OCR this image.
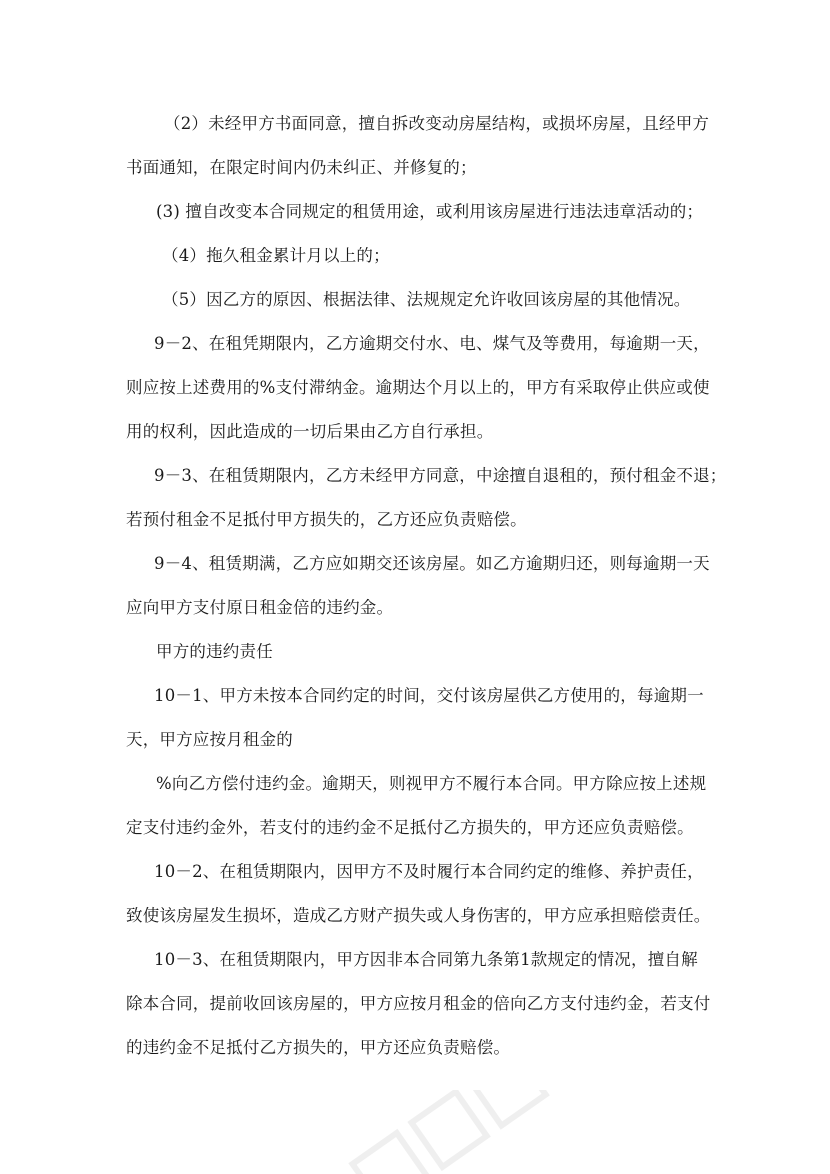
（2）未经甲方书面同意，擅自拆改变动房屋结构，或损坏房屋，且经甲方
书面通知，在限定时间内仍未纠正、并修复的；
(3) 擅自改变本合同规定的租赁用途，或利用该房屋进行违法违章活动的；
（4）拖久租金累计月以上的；
（5）因乙方的原因、根据法律、法规规定允许收回该房屋的其他情况。
9－2、在租凭期限内，乙方逾期交付水、电、煤气及等费用，每逾期一天，
则应按上述费用的%支付滞纳金。逾期达个月以上的，甲方有采取停止供应或使
用的权利，因此造成的一切后果由乙方自行承担。
9－3、在租赁期限内，乙方未经甲方同意，中途擅自退租的，预付租金不退；
若预付租金不足抵付甲方损失的，乙方还应负责赔偿。
9－4、租赁期满，乙方应如期交还该房屋。如乙方逾期归还，则每逾期一天
应向甲方支付原日租金倍的违约金。
甲方的违约责任
10－1、甲方未按本合同约定的时间，交付该房屋供乙方使用的，每逾期一
天，甲方应按月租金的
%向乙方偿付违约金。逾期天，则视甲方不履行本合同。甲方除应按上述规
定支付违约金外，若支付的违约金不足抵付乙方损失的，甲方还应负责赔偿。
10－2、在租赁期限内，因甲方不及时履行本合同约定的维修、养护责任，
致使该房屋发生损坏，造成乙方财产损失或人身伤害的，甲方应承担赔偿责任。
10－3、在租赁期限内，甲方因非本合同第九条第1款规定的情况，擅自解
除本合同，提前收回该房屋的，甲方应按月租金的倍向乙方支付违约金，若支付
的违约金不足抵付乙方损失的，甲方还应负责赔偿。
